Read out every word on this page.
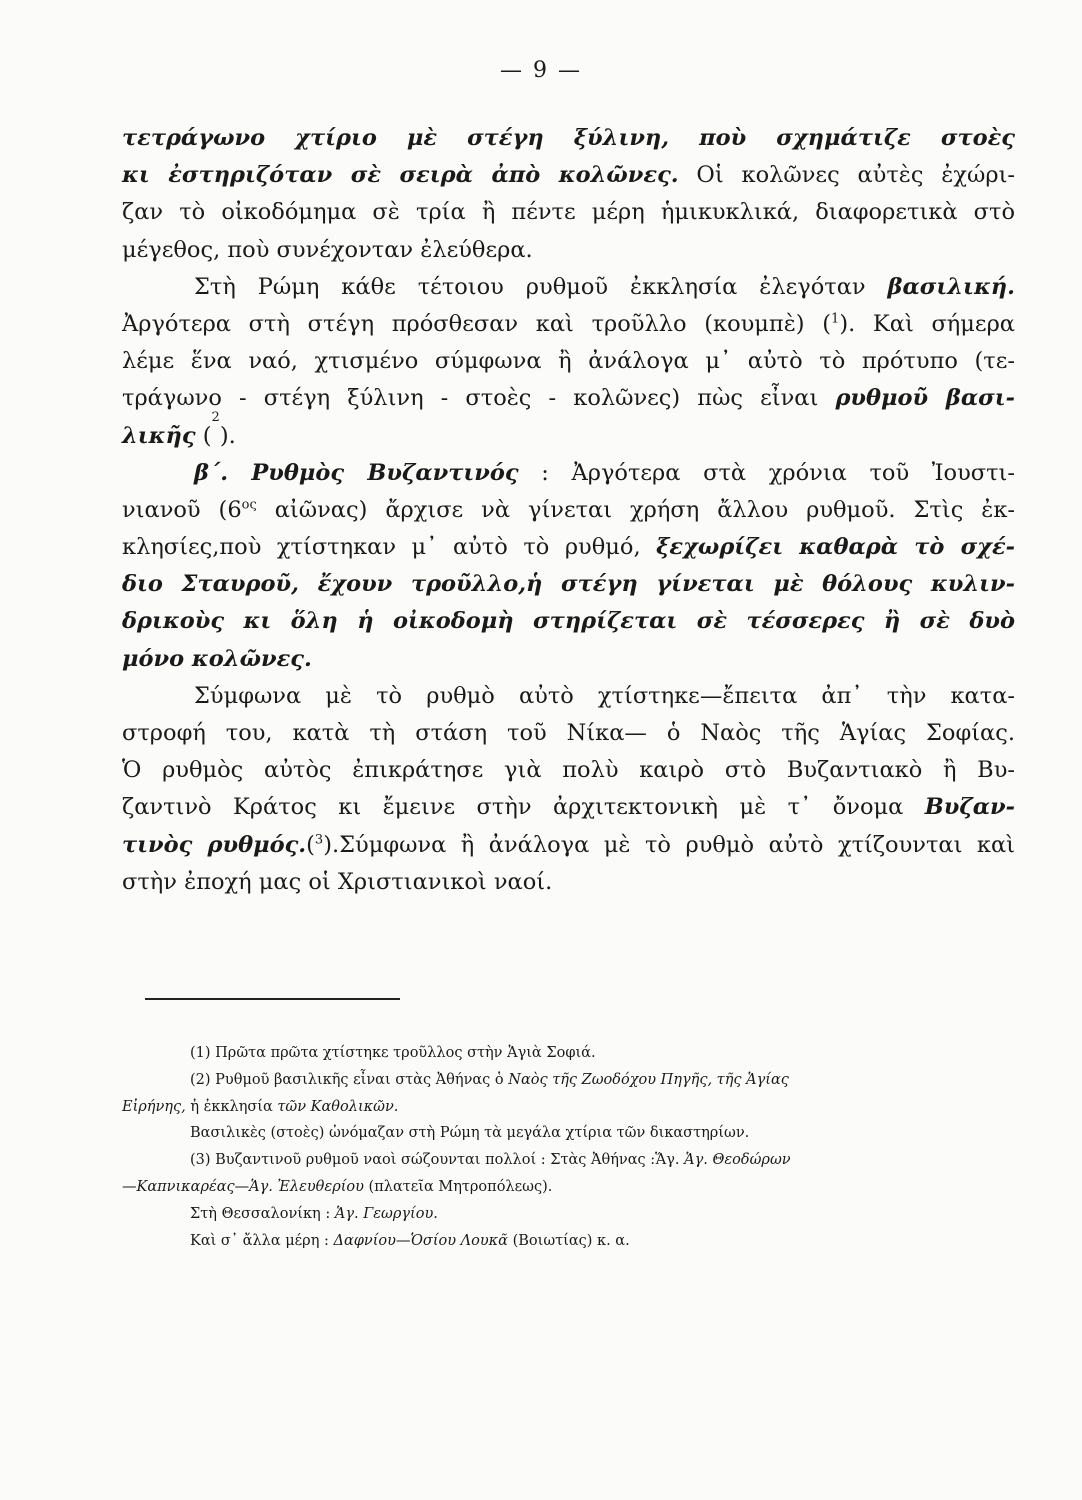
— 9 —
τετράγωνο χτίριο μὲ στέγη ξύλινη, ποὺ σχημάτιζε στοὲς
κι ἐστηριζόταν σὲ σειρὰ ἀπὸ κολῶνες. Οἱ κολῶνες αὐτὲς ἐχώρι-
ζαν τὸ οἰκοδόμημα σὲ τρία ἢ πέντε μέρη ἡμικυκλικά, διαφορετικὰ στὸ
μέγεθος, ποὺ συνέχονταν ἐλεύθερα.
Στὴ Ρώμη κάθε τέτοιου ρυθμοῦ ἐκκλησία ἐλεγόταν βασιλική.
Ἀργότερα στὴ στέγη πρόσθεσαν καὶ τροῦλλο (κουμπὲ) ($^1$). Καὶ σήμερα
λέμε ἕνα ναό, χτισμένο σύμφωνα ἢ ἀνάλογα μ᾽ αὐτὸ τὸ πρότυπο (τε-
τράγωνο - στέγη ξύλινη - στοὲς - κολῶνες) πὼς εἶναι ρυθμοῦ βασι-
λικῆς (
2
).
β΄. Ρυθμὸς Βυζαντινός : Ἀργότερα στὰ χρόνια τοῦ Ἰουστι-
νιανοῦ ($6^{o\varsigma}$ αἰῶνας) ἄρχισε νὰ γίνεται χρήση ἄλλου ρυθμοῦ. Στὶς ἐκ-
κλησίες,ποὺ χτίστηκαν μ᾽ αὐτὸ τὸ ρυθμό, ξεχωρίζει καθαρὰ τὸ σχέ-
διο Σταυροῦ, ἔχουν τροῦλλο,ἡ στέγη γίνεται μὲ θόλους κυλιν-
δρικοὺς κι ὅλη ἡ οἰκοδομὴ στηρίζεται σὲ τέσσερες ἢ σὲ δυὸ
μόνο κολῶνες.
Σύμφωνα μὲ τὸ ρυθμὸ αὐτὸ χτίστηκε—ἔπειτα ἀπ᾽ τὴν κατα-
στροφή του, κατὰ τὴ στάση τοῦ Νίκα— ὁ Ναὸς τῆς Ἁγίας Σοφίας.
Ὁ ρυθμὸς αὐτὸς ἐπικράτησε γιὰ πολὺ καιρὸ στὸ Βυζαντιακὸ ἢ Βυ-
ζαντινὸ Κράτος κι ἔμεινε στὴν ἀρχιτεκτονικὴ μὲ τ᾽ ὄνομα Βυζαν-
τινὸς ρυθμός.($^3$).Σύμφωνα ἢ ἀνάλογα μὲ τὸ ρυθμὸ αὐτὸ χτίζουνται καὶ
στὴν ἐποχή μας οἱ Χριστιανικοὶ ναοί.
(1) Πρῶτα πρῶτα χτίστηκε τροῦλλος στὴν Ἁγιὰ Σοφιά.
(2) Ρυθμοῦ βασιλικῆς εἶναι στὰς Ἀθήνας ὁ Ναὸς τῆς Ζωοδόχου Πηγῆς, τῆς Ἁγίας
Εἰρήνης, ἡ ἐκκλησία τῶν Καθολικῶν.
Βασιλικὲς (στοὲς) ὠνόμαζαν στὴ Ρώμη τὰ μεγάλα χτίρια τῶν δικαστηρίων.
(3) Βυζαντινοῦ ρυθμοῦ ναοὶ σώζουνται πολλοί : Στὰς Ἀθήνας :Ἅγ. Ἁγ. Θεοδώρων
—Καπνικαρέας—Ἁγ. Ἐλευθερίου (πλατεῖα Μητροπόλεως).
Στὴ Θεσσαλονίκη : Ἁγ. Γεωργίου.
Καὶ σ᾽ ἄλλα μέρη : Δαφνίου—Ὁσίου Λουκᾶ (Βοιωτίας) κ. α.
